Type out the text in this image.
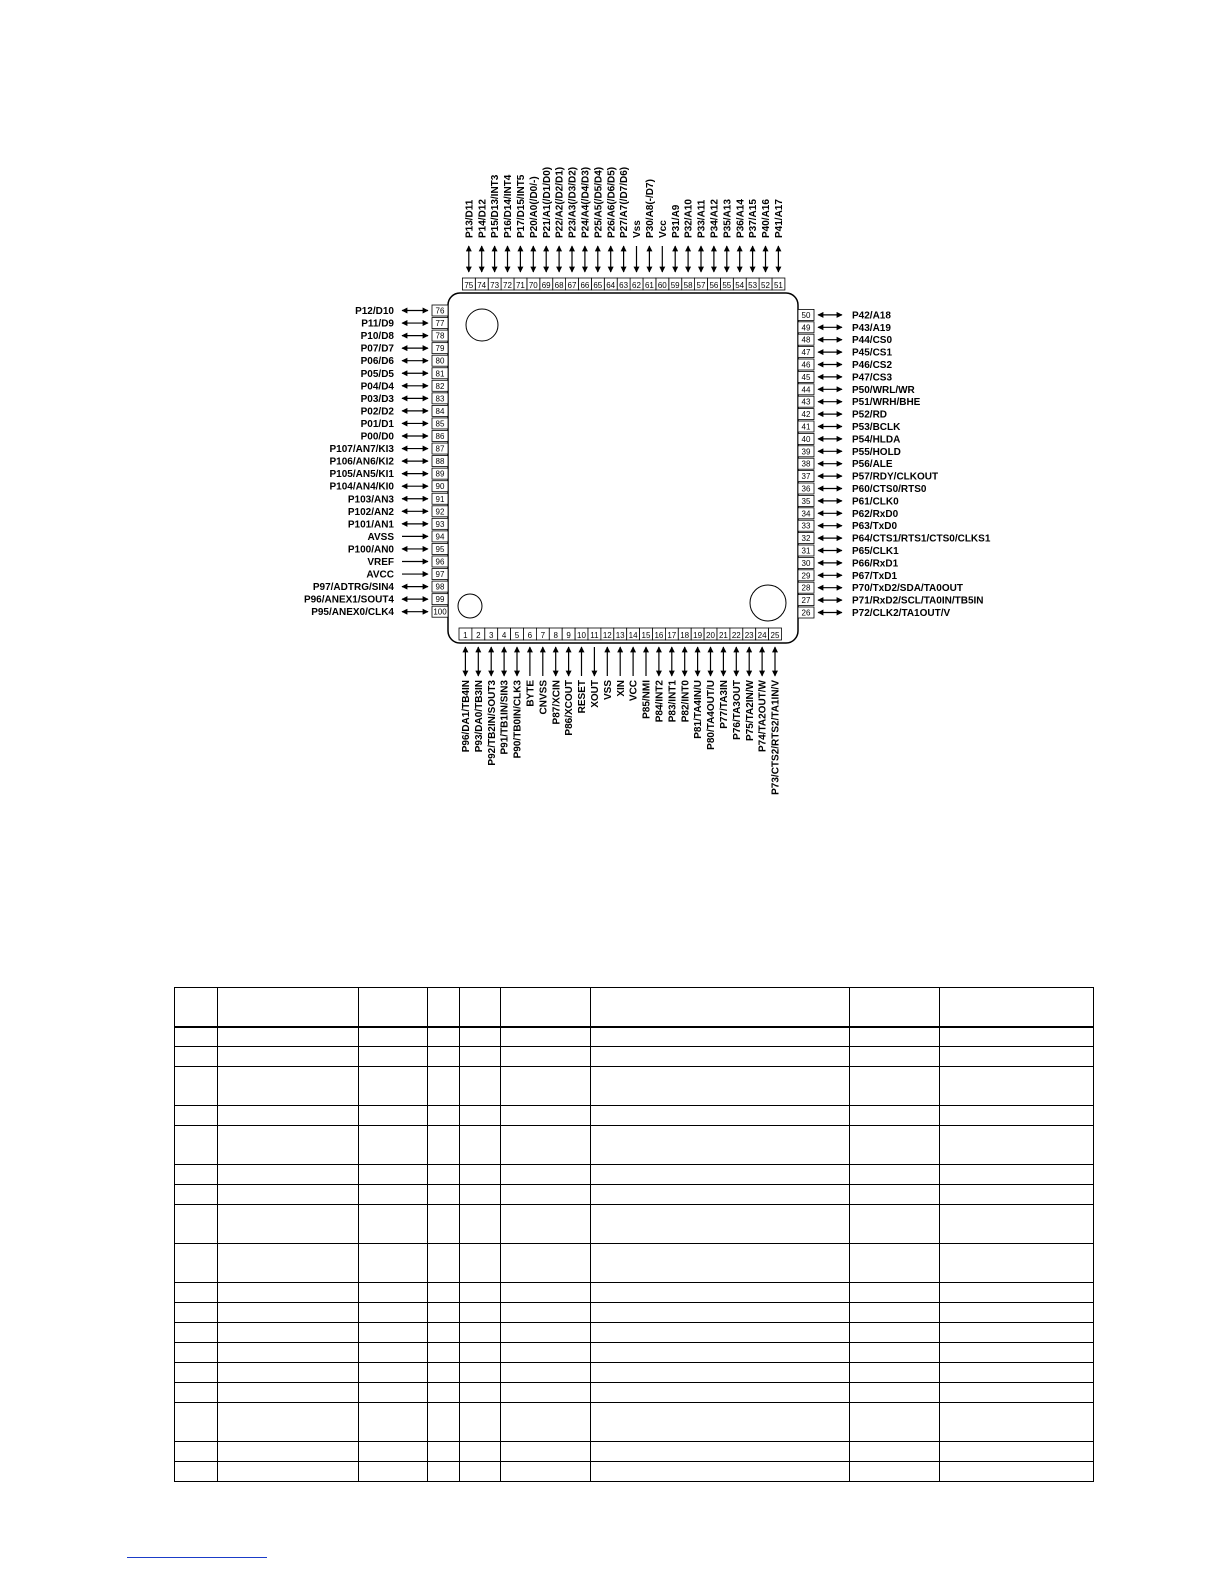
1
P96/DA1/TB4IN
2
P93/DA0/TB3IN
3
P92/TB2IN/SOUT3
4
P91/TB1IN/SIN3
5
P90/TB0IN/CLK3
6
BYTE
7
CNVSS
8
P87/XCIN
9
P86/XCOUT
10
RESET
11
XOUT
12
VSS
13
XIN
14
VCC
15
P85/NMI
16
P84/INT2
17
P83/INT1
18
P82/INT0
19
P81/TA4IN/U
20
P80/TA4OUT/U
21
P77/TA3IN
22
P76/TA3OUT
23
P75/TA2IN/W
24
P74/TA2OUT/W
25
P73/CTS2/RTS2/TA1IN/V
26	P72/CLK2/TA1OUT/V
27	P71/RxD2/SCL/TA0IN/TB5IN
28	P70/TxD2/SDA/TA0OUT
29	P67/TxD1
30	P66/RxD1
31	P65/CLK1
32	P64/CTS1/RTS1/CTS0/CLKS1
33	P63/TxD0
34	P62/RxD0
35	P61/CLK0
36	P60/CTS0/RTS0
37	P57/RDY/CLKOUT
38	P56/ALE
39	P55/HOLD
40	P54/HLDA
41	P53/BCLK
42	P52/RD
43	P51/WRH/BHE
44	P50/WRL/WR
45	P47/CS3
46	P46/CS2
47	P45/CS1
48	P44/CS0
49	P43/A19
50	P42/A18
51
P41/A17
52
P40/A16
53
P37/A15
54
P36/A14
55
P35/A13
56
P34/A12
57
P33/A11
58
P32/A10
59
P31/A9
60
Vcc
61
P30/A8(-/D7)
62
Vss
63
P27/A7(/D7/D6)
64
P26/A6(/D6/D5)
65
P25/A5(/D5/D4)
66
P24/A4(/D4/D3)
67
P23/A3(/D3/D2)
68
P22/A2(/D2/D1)
69
P21/A1(/D1/D0)
70
P20/A0(/D0/-)
71
P17/D15/INT5
72
P16/D14/INT4
73
P15/D13/INT3
74
P14/D12
75
P13/D11
76
P12/D10
77
P11/D9
78
P10/D8
79
P07/D7
80
P06/D6
81
P05/D5
82
P04/D4
83
P03/D3
84
P02/D2
85
P01/D1
86
P00/D0
87
P107/AN7/KI3
88
P106/AN6/KI2
89
P105/AN5/KI1
90
P104/AN4/KI0
91
P103/AN3
92
P102/AN2
93
P101/AN1
94
AVSS
95
P100/AN0
96
VREF
97
AVCC
98
P97/ADTRG/SIN4
99
P96/ANEX1/SOUT4
100
P95/ANEX0/CLK4
